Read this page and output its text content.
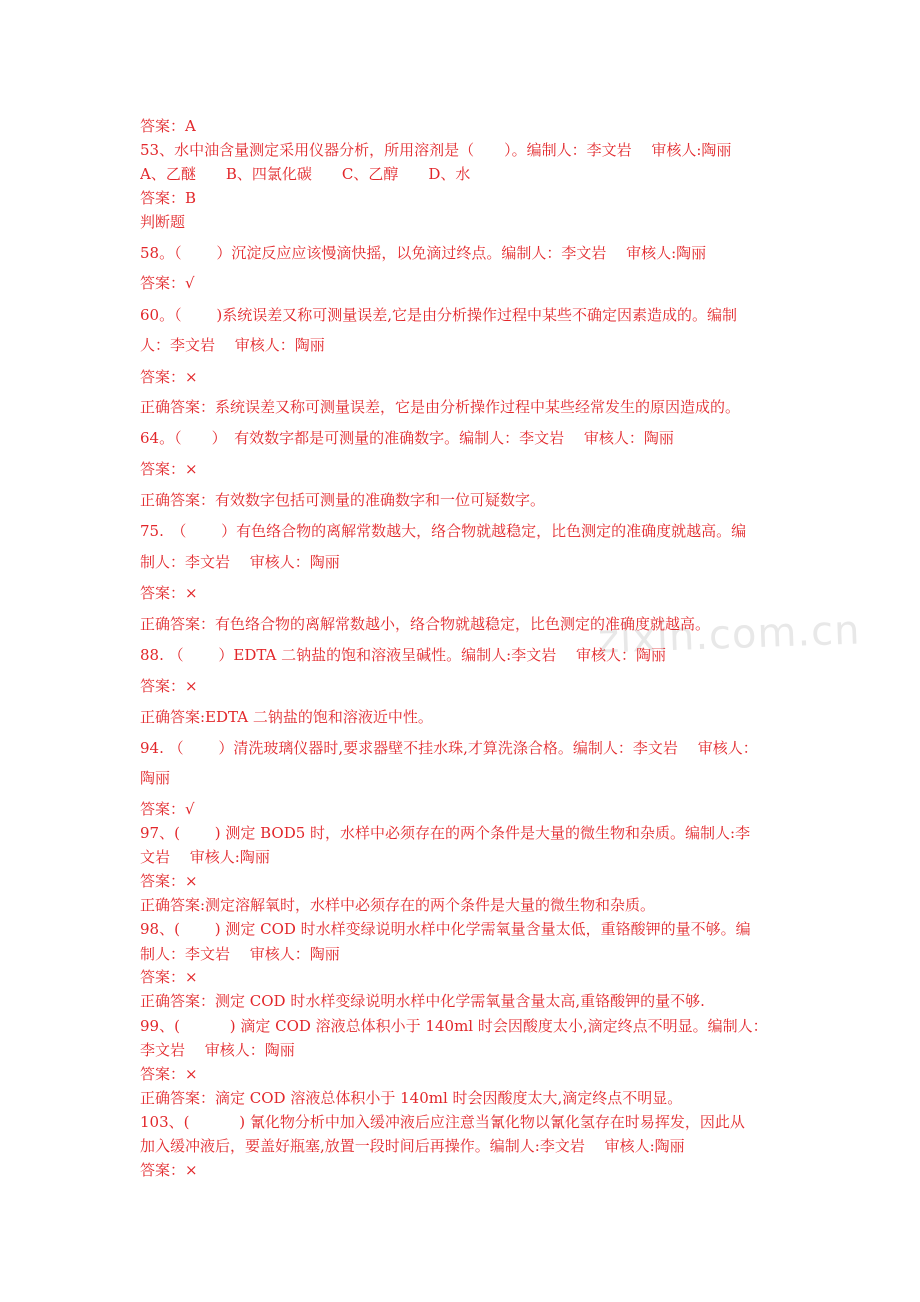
zixin.com.cn
答案：A
53、水中油含量测定采用仪器分析，所用溶剂是（　　）。编制人：李文岩　 审核人:陶丽
A、乙醚　　B、四氯化碳　　C、乙醇　　D、水
答案：B
判断题
58。（　　 ）沉淀反应应该慢滴快摇，以免滴过终点。编制人：李文岩　 审核人:陶丽
答案：√
60。（　　 )系统误差又称可测量误差,它是由分析操作过程中某些不确定因素造成的。编制
人：李文岩　 审核人：陶丽
答案：×
正确答案：系统误差又称可测量误差，它是由分析操作过程中某些经常发生的原因造成的。
64。（　　）　有效数字都是可测量的准确数字。编制人：李文岩　 审核人：陶丽
答案：×
正确答案：有效数字包括可测量的准确数字和一位可疑数字。
75.　（　　 ）有色络合物的离解常数越大，络合物就越稳定，比色测定的准确度就越高。编
制人：李文岩　 审核人：陶丽
答案：×
正确答案：有色络合物的离解常数越小，络合物就越稳定，比色测定的准确度就越高。
88. （　　 ）EDTA 二钠盐的饱和溶液呈碱性。编制人:李文岩　 审核人：陶丽
答案：×
正确答案:EDTA 二钠盐的饱和溶液近中性。
94. （　　 ）清洗玻璃仪器时,要求器壁不挂水珠,才算洗涤合格。编制人：李文岩　 审核人：
陶丽
答案：√
97、(　　 ) 测定 BOD5 时，水样中必须存在的两个条件是大量的微生物和杂质。编制人:李
文岩　 审核人:陶丽
答案：×
正确答案:测定溶解氧时，水样中必须存在的两个条件是大量的微生物和杂质。
98、(　　 ) 测定 COD 时水样变绿说明水样中化学需氧量含量太低，重铬酸钾的量不够。编
制人：李文岩　 审核人：陶丽
答案：×
正确答案：测定 COD 时水样变绿说明水样中化学需氧量含量太高,重铬酸钾的量不够.
99、(　　　 ) 滴定 COD 溶液总体积小于 140ml 时会因酸度太小,滴定终点不明显。编制人：
李文岩　 审核人：陶丽
答案：×
正确答案：滴定 COD 溶液总体积小于 140ml 时会因酸度太大,滴定终点不明显。
103、(　　　 ) 氰化物分析中加入缓冲液后应注意当氰化物以氰化氢存在时易挥发，因此从
加入缓冲液后，要盖好瓶塞,放置一段时间后再操作。编制人:李文岩　 审核人:陶丽
答案：×
